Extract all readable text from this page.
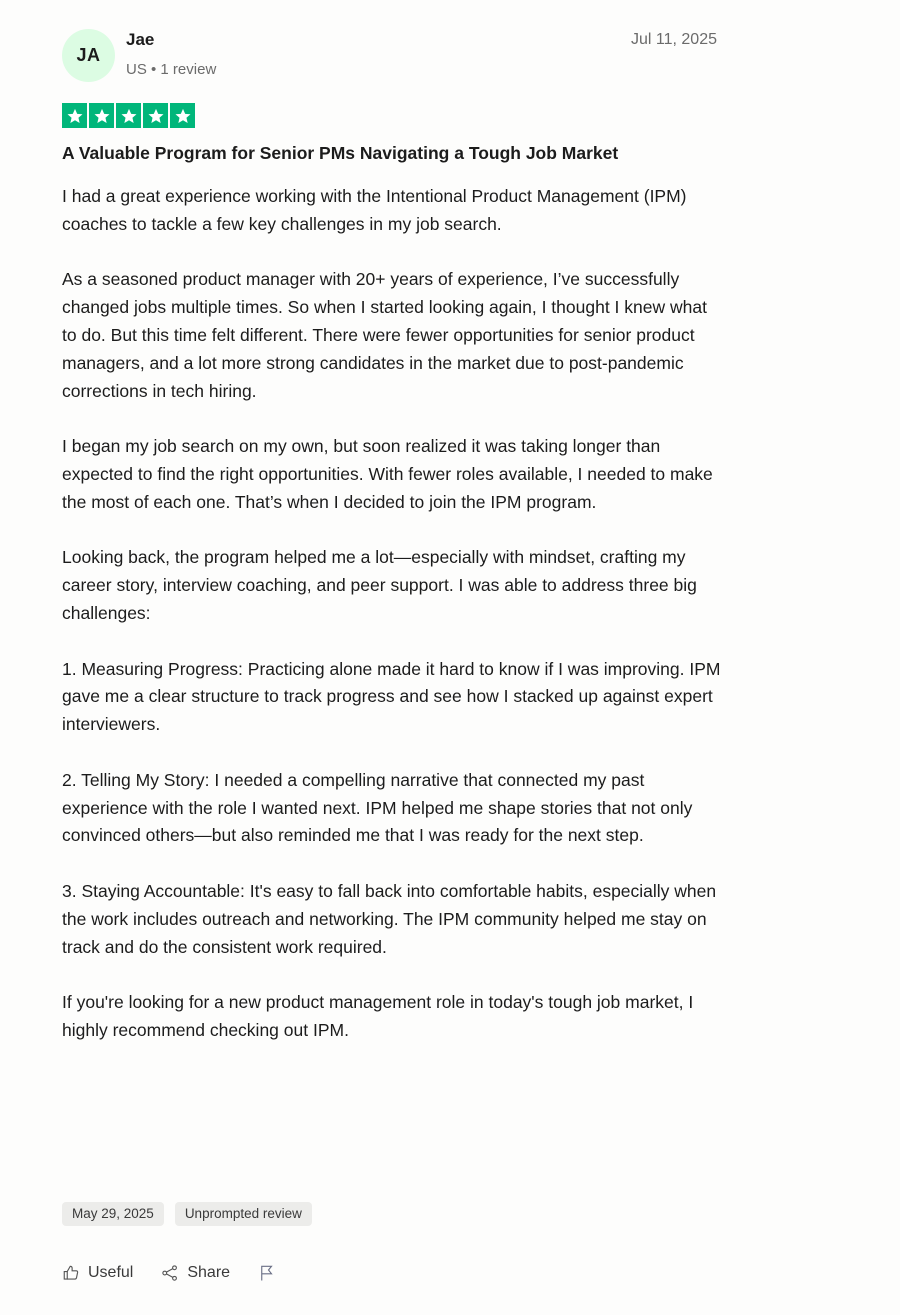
JA
Jae
US • 1 review
Jul 11, 2025
A Valuable Program for Senior PMs Navigating a Tough Job Market

I had a great experience working with the Intentional Product Management (IPM) coaches to tackle a few key challenges in my job search.

As a seasoned product manager with 20+ years of experience, I’ve successfully changed jobs multiple times. So when I started looking again, I thought I knew what to do. But this time felt different. There were fewer opportunities for senior product managers, and a lot more strong candidates in the market due to post-pandemic corrections in tech hiring.

I began my job search on my own, but soon realized it was taking longer than expected to find the right opportunities. With fewer roles available, I needed to make the most of each one. That’s when I decided to join the IPM program.

Looking back, the program helped me a lot—especially with mindset, crafting my career story, interview coaching, and peer support. I was able to address three big challenges:

1. Measuring Progress: Practicing alone made it hard to know if I was improving. IPM gave me a clear structure to track progress and see how I stacked up against expert interviewers.

2. Telling My Story: I needed a compelling narrative that connected my past experience with the role I wanted next. IPM helped me shape stories that not only convinced others—but also reminded me that I was ready for the next step.

3. Staying Accountable: It's easy to fall back into comfortable habits, especially when the work includes outreach and networking. The IPM community helped me stay on track and do the consistent work required.

If you're looking for a new product management role in today's tough job market, I highly recommend checking out IPM.

May 29, 2025	Unprompted review
Useful	Share
